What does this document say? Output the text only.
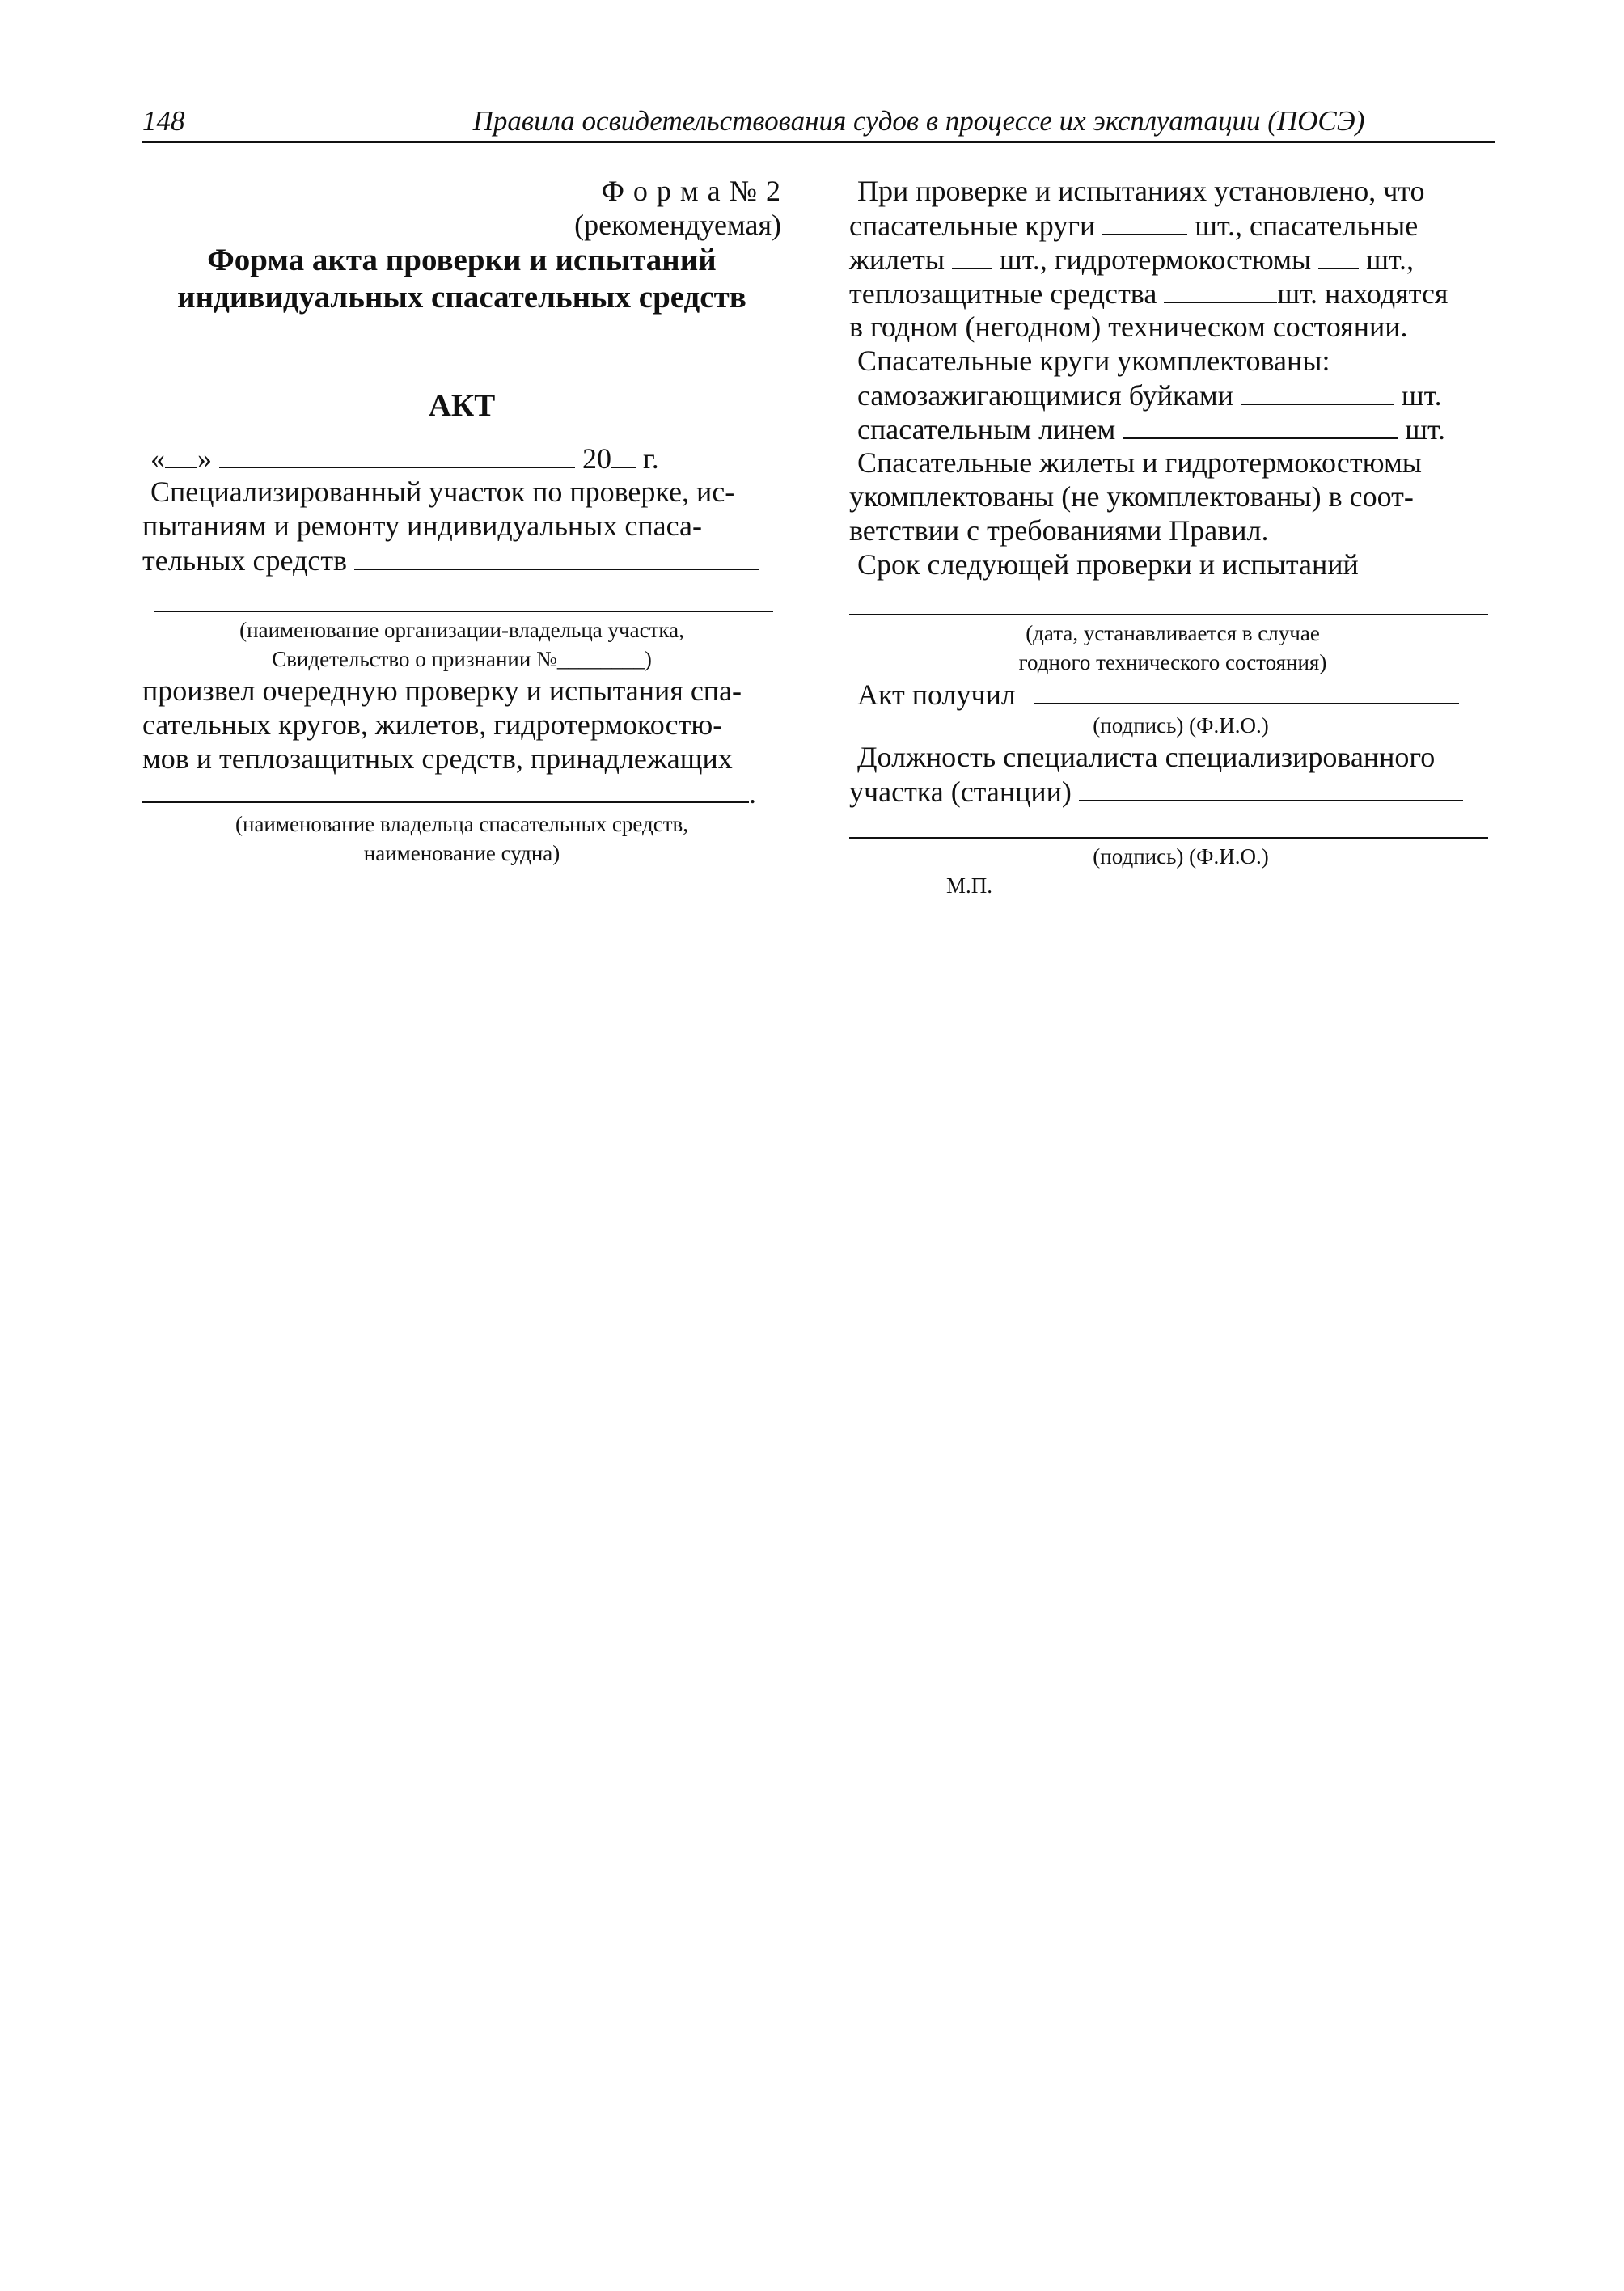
148	Правила освидетельствования судов в процессе их эксплуатации (ПОСЭ)
Ф о р м а № 2
(рекомендуемая)
Форма акта проверки и испытаний
индивидуальных спасательных средств
АКТ
« »	20 г.
Специализированный участок по проверке, ис-
пытаниям и ремонту индивидуальных спаса-
тельных средств
(наименование организации-владельца участка,
Свидетельство о признании №________)
произвел очередную проверку и испытания спа-
сательных кругов, жилетов, гидротермокостю-
мов и теплозащитных средств, принадлежащих
.
(наименование владельца спасательных средств,
наименование судна)
При проверке и испытаниях установлено, что
спасательные круги	шт., спасательные
жилеты шт., гидротермокостюмы шт.,
теплозащитные средства	шт. находятся
в годном (негодном) техническом состоянии.
Спасательные круги укомплектованы:
самозажигающимися буйками	шт.
спасательным линем	шт.
Спасательные жилеты и гидротермокостюмы
укомплектованы (не укомплектованы) в соот-
ветствии с требованиями Правил.
Срок следующей проверки и испытаний
(дата, устанавливается в случае
годного технического состояния)
Акт получил
(подпись) (Ф.И.О.)
Должность специалиста специализированного
участка (станции)
(подпись) (Ф.И.О.)
М.П.
